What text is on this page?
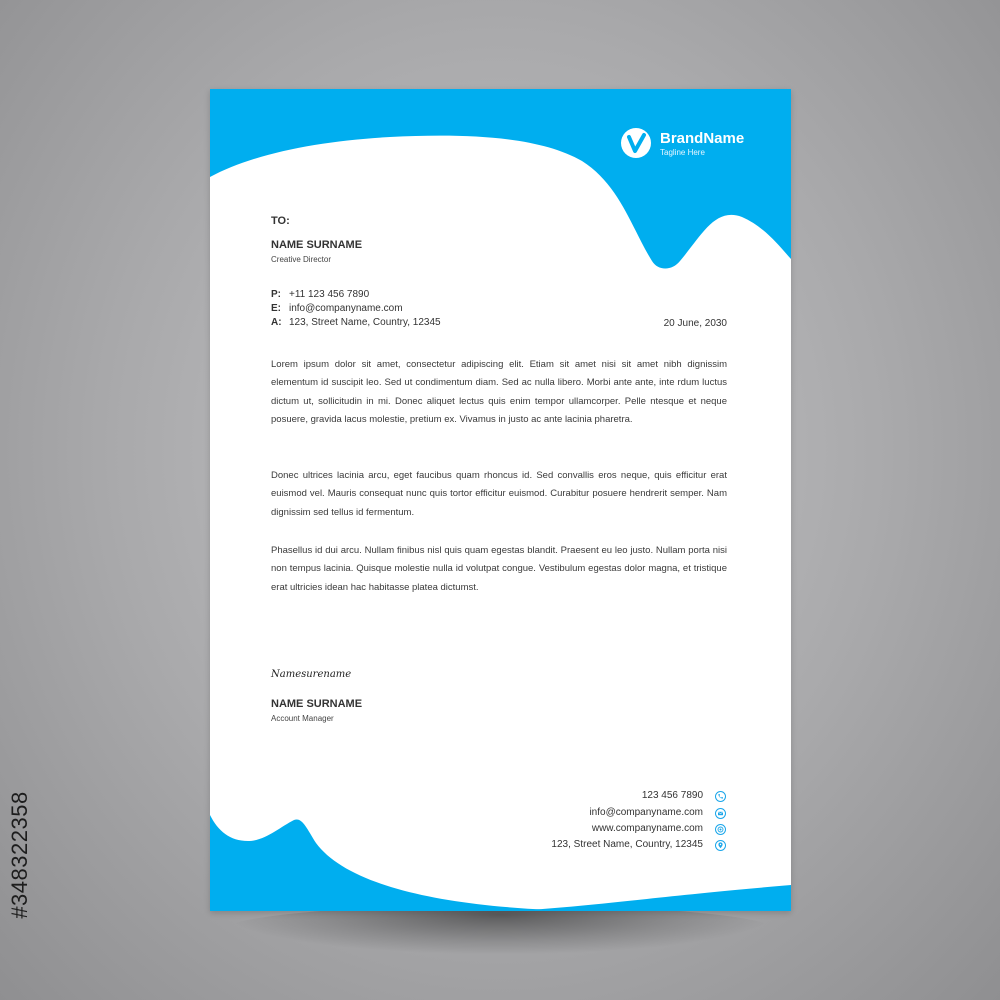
#348322358
BrandName
Tagline Here
TO:
NAME SURNAME
Creative Director
P: +11 123 456 7890
E: info@companyname.com
A: 123, Street Name, Country, 12345	20 June, 2030

Lorem ipsum dolor sit amet, consectetur adipiscing elit. Etiam sit amet nisi sit amet nibh dignissim elementum id suscipit leo. Sed ut condimentum diam. Sed ac nulla libero. Morbi ante ante, inte rdum luctus dictum ut, sollicitudin in mi. Donec aliquet lectus quis enim tempor ullamcorper. Pelle ntesque et neque posuere, gravida lacus molestie, pretium ex. Vivamus in justo ac ante lacinia pharetra.

Donec ultrices lacinia arcu, eget faucibus quam rhoncus id. Sed convallis eros neque, quis efficitur erat euismod vel. Mauris consequat nunc quis tortor efficitur euismod. Curabitur posuere hendrerit semper. Nam dignissim sed tellus id fermentum.

Phasellus id dui arcu. Nullam finibus nisl quis quam egestas blandit. Praesent eu leo justo. Nullam porta nisi non tempus lacinia. Quisque molestie nulla id volutpat congue. Vestibulum egestas dolor magna, et tristique erat ultricies idean hac habitasse platea dictumst.

Namesurename
NAME SURNAME
Account Manager
123 456 7890
info@companyname.com
www.companyname.com
123, Street Name, Country, 12345
